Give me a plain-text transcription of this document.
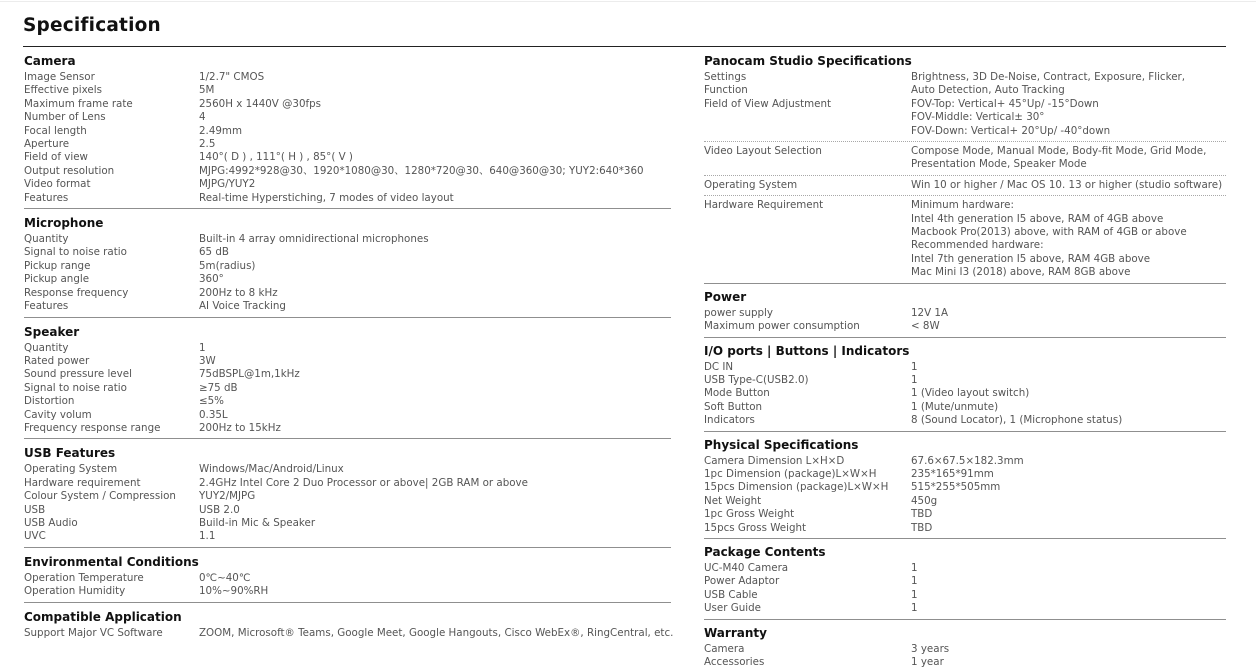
Specification
Camera
Image Sensor	1/2.7" CMOS
Effective pixels	5M
Maximum frame rate	2560H x 1440V @30fps
Number of Lens	4
Focal length	2.49mm
Aperture	2.5
Field of view	140°( D ) , 111°( H ) , 85°( V )
Output resolution	MJPG:4992*928@30、1920*1080@30、1280*720@30、640@360@30; YUY2:640*360
Video format	MJPG/YUY2
Features	Real-time Hyperstiching, 7 modes of video layout
Microphone
Quantity	Built-in 4 array omnidirectional microphones
Signal to noise ratio	65 dB
Pickup range	5m(radius)
Pickup angle	360°
Response frequency	200Hz to 8 kHz
Features	AI Voice Tracking
Speaker
Quantity	1
Rated power	3W
Sound pressure level	75dBSPL@1m,1kHz
Signal to noise ratio	≥75 dB
Distortion	≤5%
Cavity volum	0.35L
Frequency response range	200Hz to 15kHz
USB Features
Operating System	Windows/Mac/Android/Linux
Hardware requirement	2.4GHz Intel Core 2 Duo Processor or above| 2GB RAM or above
Colour System / Compression	YUY2/MJPG
USB	USB 2.0
USB Audio	Build-in Mic & Speaker
UVC	1.1
Environmental Conditions
Operation Temperature	0℃~40℃
Operation Humidity	10%~90%RH
Compatible Application
Support Major VC Software	ZOOM, Microsoft® Teams, Google Meet, Google Hangouts, Cisco WebEx®, RingCentral, etc.
Panocam Studio Specifications
Settings	Brightness, 3D De-Noise, Contract, Exposure, Flicker,
Function	Auto Detection, Auto Tracking
Field of View Adjustment	FOV-Top: Vertical+ 45°Up/ -15°Down
FOV-Middle: Vertical± 30°
FOV-Down: Vertical+ 20°Up/ -40°down
Video Layout Selection	Compose Mode, Manual Mode, Body-fit Mode, Grid Mode,
Presentation Mode, Speaker Mode
Operating System	Win 10 or higher / Mac OS 10. 13 or higher (studio software)
Hardware Requirement	Minimum hardware:
Intel 4th generation I5 above, RAM of 4GB above
Macbook Pro(2013) above, with RAM of 4GB or above
Recommended hardware:
Intel 7th generation I5 above, RAM 4GB above
Mac Mini I3 (2018) above, RAM 8GB above
Power
power supply	12V 1A
Maximum power consumption	< 8W
I/O ports | Buttons | Indicators
DC IN	1
USB Type-C(USB2.0)	1
Mode Button	1 (Video layout switch)
Soft Button	1 (Mute/unmute)
Indicators	8 (Sound Locator), 1 (Microphone status)
Physical Specifications
Camera Dimension L×H×D	67.6×67.5×182.3mm
1pc Dimension (package)L×W×H	235*165*91mm
15pcs Dimension (package)L×W×H	515*255*505mm
Net Weight	450g
1pc Gross Weight	TBD
15pcs Gross Weight	TBD
Package Contents
UC-M40 Camera	1
Power Adaptor	1
USB Cable	1
User Guide	1
Warranty
Camera	3 years
Accessories	1 year
